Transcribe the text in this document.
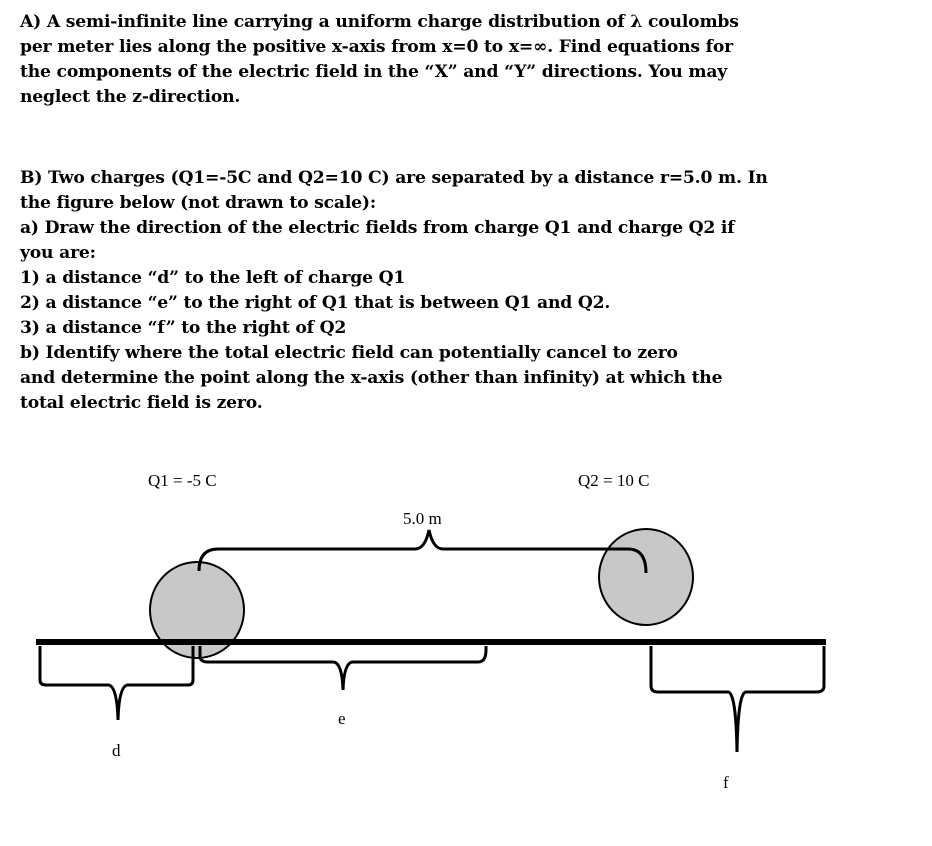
A) A semi-infinite line carrying a uniform charge distribution of λ coulombs
per meter lies along the positive x-axis from x=0 to x=∞. Find equations for
the components of the electric field in the “X” and “Y” directions. You may
neglect the z-direction.
B) Two charges (Q1=-5C and Q2=10 C) are separated by a distance r=5.0 m. In
the figure below (not drawn to scale):
a) Draw the direction of the electric fields from charge Q1 and charge Q2 if
you are:
1) a distance “d” to the left of charge Q1
2) a distance “e” to the right of Q1 that is between Q1 and Q2.
3) a distance “f” to the right of Q2
b) Identify where the total electric field can potentially cancel to zero
and determine the point along the x-axis (other than infinity) at which the
total electric field is zero.
Q1 = -5 C	Q2 = 10 C
5.0 m
d
e
f
